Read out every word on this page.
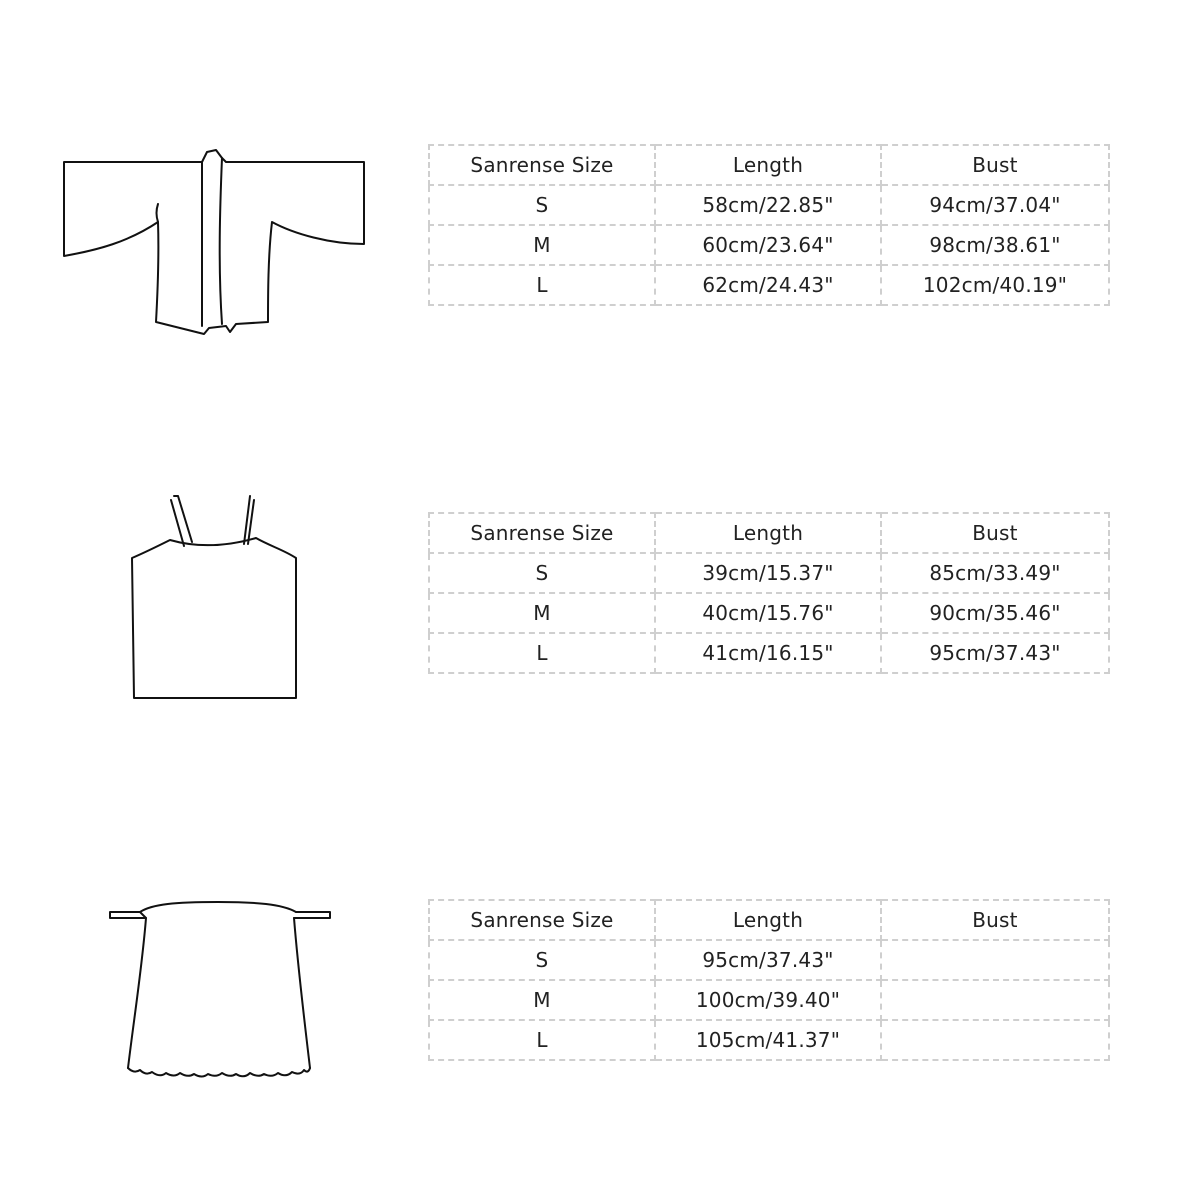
Sanrense Size	Length	Bust
S	58cm/22.85"	94cm/37.04"
M	60cm/23.64"	98cm/38.61"
L	62cm/24.43"	102cm/40.19"
Sanrense Size	Length	Bust
S	39cm/15.37"	85cm/33.49"
M	40cm/15.76"	90cm/35.46"
L	41cm/16.15"	95cm/37.43"
Sanrense Size	Length	Bust
S	95cm/37.43"	
M	100cm/39.40"	
L	105cm/41.37"	
